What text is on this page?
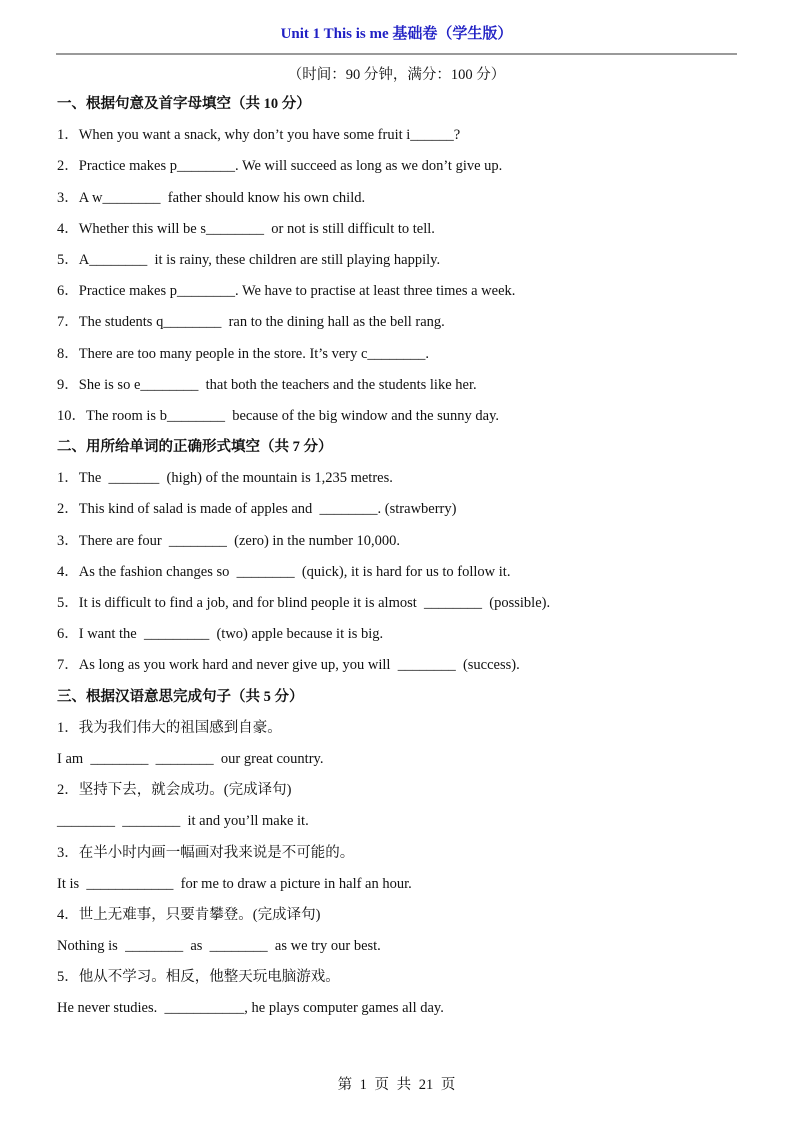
Unit 1 This is me 基础卷（学生版）
（时间：90 分钟，满分：100 分）
一、根据句意及首字母填空（共 10 分）
1．When you want a snack, why don’t you have some fruit i______?
2．Practice makes p________. We will succeed as long as we don’t give up.
3．A w________  father should know his own child.
4．Whether this will be s________  or not is still difficult to tell.
5．A________  it is rainy, these children are still playing happily.
6．Practice makes p________. We have to practise at least three times a week.
7．The students q________  ran to the dining hall as the bell rang.
8．There are too many people in the store. It’s very c________.
9．She is so e________  that both the teachers and the students like her.
10．The room is b________  because of the big window and the sunny day.
二、用所给单词的正确形式填空（共 7 分）
1．The  _______  (high) of the mountain is 1,235 metres.
2．This kind of salad is made of apples and  ________. (strawberry)
3．There are four  ________  (zero) in the number 10,000.
4．As the fashion changes so  ________  (quick), it is hard for us to follow it.
5．It is difficult to find a job, and for blind people it is almost  ________  (possible).
6．I want the  _________  (two) apple because it is big.
7．As long as you work hard and never give up, you will  ________  (success).
三、根据汉语意思完成句子（共 5 分）
1．我为我们伟大的祖国感到自豪。
I am  ________  ________  our great country.
2．坚持下去，就会成功。(完成译句)
________  ________  it and you’ll make it.
3．在半小时内画一幅画对我来说是不可能的。
It is  ____________  for me to draw a picture in half an hour.
4．世上无难事，只要肯攀登。(完成译句)
Nothing is  ________  as  ________  as we try our best.
5．他从不学习。相反，他整天玩电脑游戏。
He never studies.  ___________, he plays computer games all day.
第 1 页 共 21 页
